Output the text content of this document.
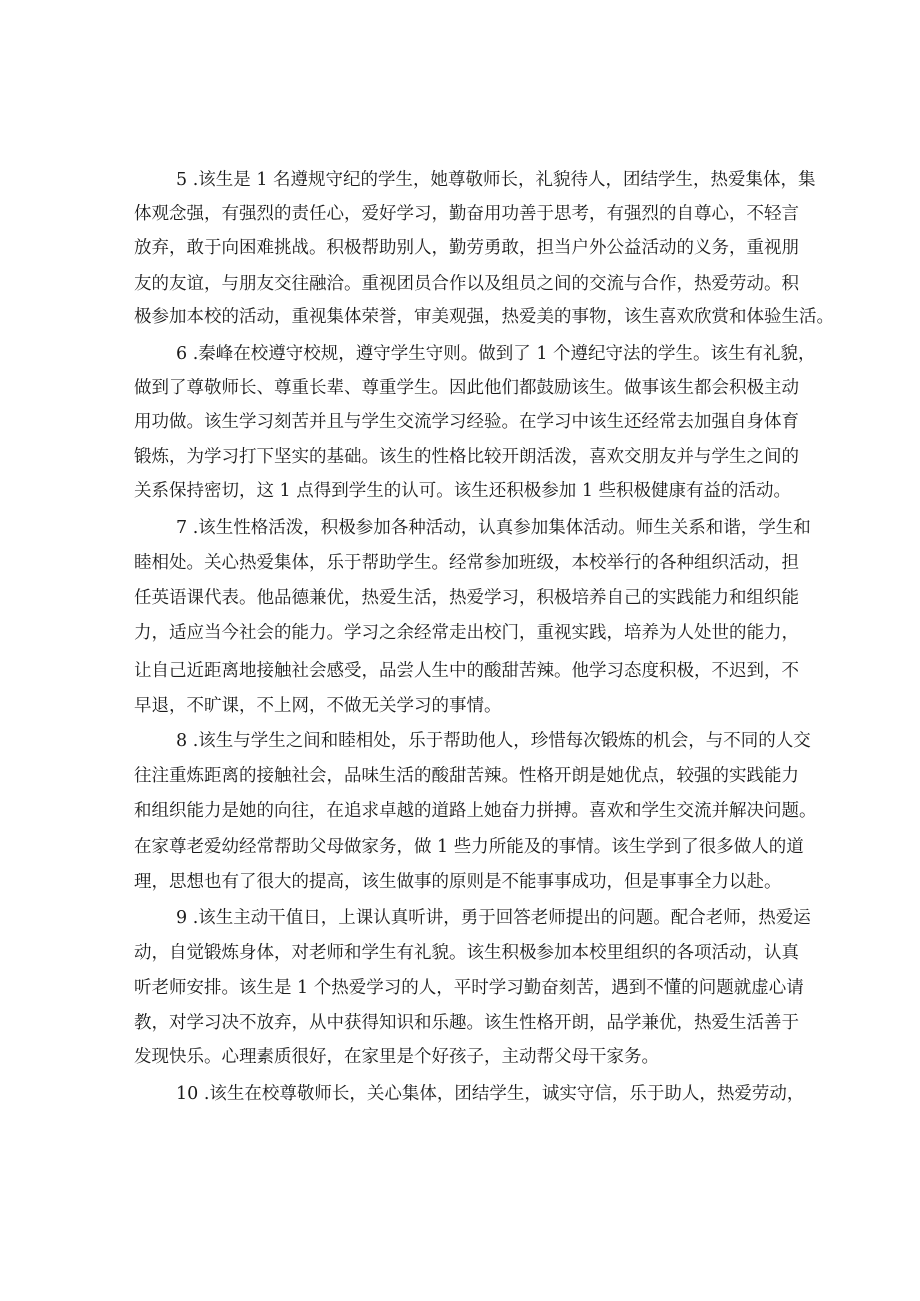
5 .该生是 1 名遵规守纪的学生，她尊敬师长，礼貌待人，团结学生，热爱集体，集
体观念强，有强烈的责任心，爱好学习，勤奋用功善于思考，有强烈的自尊心，不轻言
放弃，敢于向困难挑战。积极帮助别人，勤劳勇敢，担当户外公益活动的义务，重视朋
友的友谊，与朋友交往融洽。重视团员合作以及组员之间的交流与合作，热爱劳动。积
极参加本校的活动，重视集体荣誉，审美观强，热爱美的事物，该生喜欢欣赏和体验生活。
6 .秦峰在校遵守校规，遵守学生守则。做到了 1 个遵纪守法的学生。该生有礼貌，
做到了尊敬师长、尊重长辈、尊重学生。因此他们都鼓励该生。做事该生都会积极主动
用功做。该生学习刻苦并且与学生交流学习经验。在学习中该生还经常去加强自身体育
锻炼，为学习打下坚实的基础。该生的性格比较开朗活泼，喜欢交朋友并与学生之间的
关系保持密切，这 1 点得到学生的认可。该生还积极参加 1 些积极健康有益的活动。
7 .该生性格活泼，积极参加各种活动，认真参加集体活动。师生关系和谐，学生和
睦相处。关心热爱集体，乐于帮助学生。经常参加班级，本校举行的各种组织活动，担
任英语课代表。他品德兼优，热爱生活，热爱学习，积极培养自己的实践能力和组织能
力，适应当今社会的能力。学习之余经常走出校门，重视实践，培养为人处世的能力，
让自己近距离地接触社会感受，品尝人生中的酸甜苦辣。他学习态度积极，不迟到，不
早退，不旷课，不上网，不做无关学习的事情。
8 .该生与学生之间和睦相处，乐于帮助他人，珍惜每次锻炼的机会，与不同的人交
往注重炼距离的接触社会，品味生活的酸甜苦辣。性格开朗是她优点，较强的实践能力
和组织能力是她的向往，在追求卓越的道路上她奋力拼搏。喜欢和学生交流并解决问题。
在家尊老爱幼经常帮助父母做家务，做 1 些力所能及的事情。该生学到了很多做人的道
理，思想也有了很大的提高，该生做事的原则是不能事事成功，但是事事全力以赴。
9 .该生主动干值日，上课认真听讲，勇于回答老师提出的问题。配合老师，热爱运
动，自觉锻炼身体，对老师和学生有礼貌。该生积极参加本校里组织的各项活动，认真
听老师安排。该生是 1 个热爱学习的人，平时学习勤奋刻苦，遇到不懂的问题就虚心请
教，对学习决不放弃，从中获得知识和乐趣。该生性格开朗，品学兼优，热爱生活善于
发现快乐。心理素质很好，在家里是个好孩子，主动帮父母干家务。
10 .该生在校尊敬师长，关心集体，团结学生，诚实守信，乐于助人，热爱劳动，
